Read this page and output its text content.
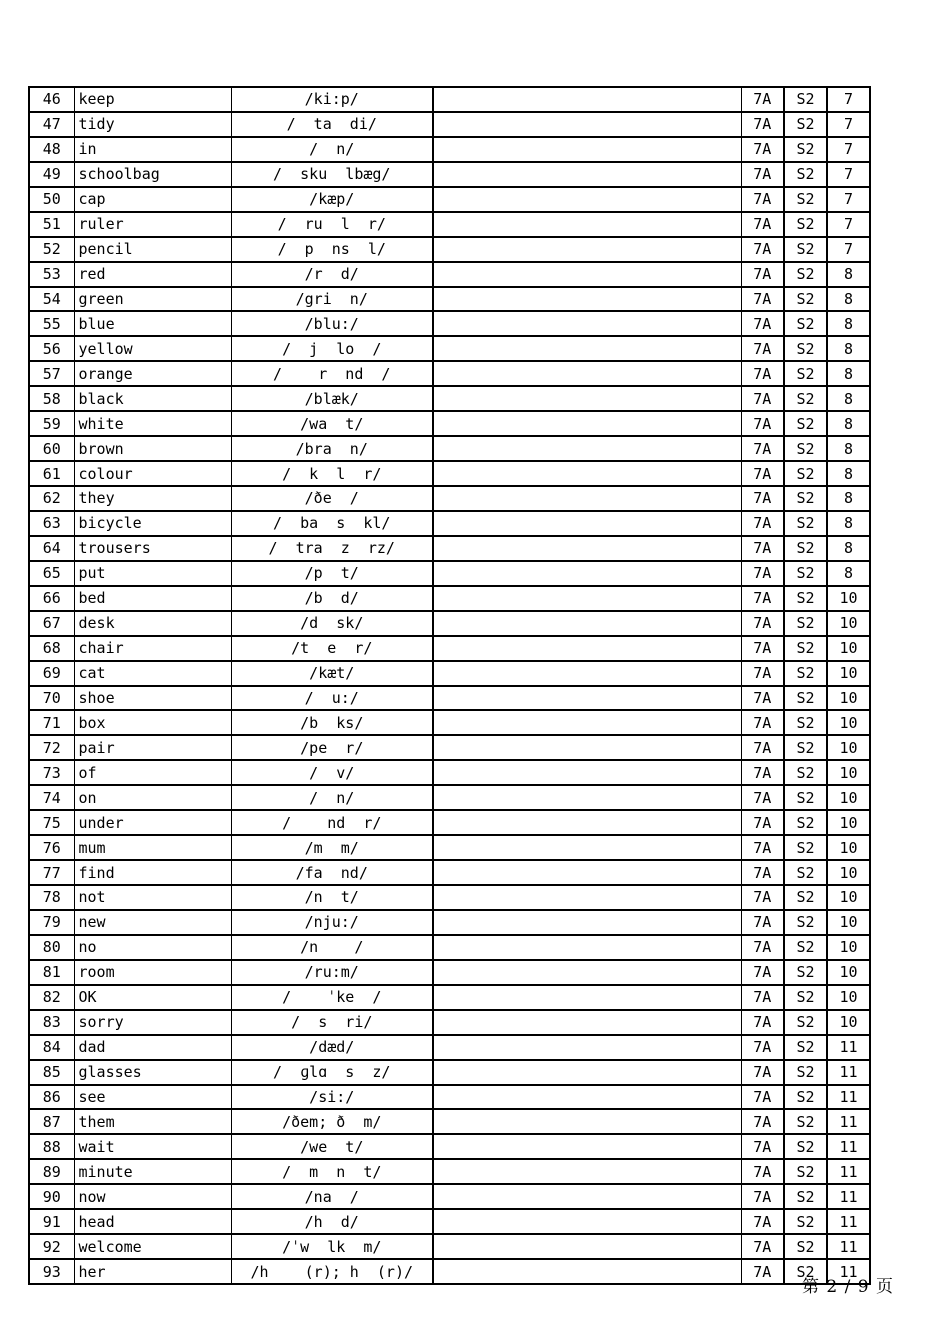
46	keep	/ki:p/		7A	S2	7
47	tidy	/  ta  di/		7A	S2	7
48	in	/  n/		7A	S2	7
49	schoolbag	/  sku  lbæg/		7A	S2	7
50	cap	/kæp/		7A	S2	7
51	ruler	/  ru  l  r/		7A	S2	7
52	pencil	/  p  ns  l/		7A	S2	7
53	red	/r  d/		7A	S2	8
54	green	/gri  n/		7A	S2	8
55	blue	/blu:/		7A	S2	8
56	yellow	/  j  lo  /		7A	S2	8
57	orange	/    r  nd  /		7A	S2	8
58	black	/blæk/		7A	S2	8
59	white	/wa  t/		7A	S2	8
60	brown	/bra  n/		7A	S2	8
61	colour	/  k  l  r/		7A	S2	8
62	they	/ðe  /		7A	S2	8
63	bicycle	/  ba  s  kl/		7A	S2	8
64	trousers	/  tra  z  rz/		7A	S2	8
65	put	/p  t/		7A	S2	8
66	bed	/b  d/		7A	S2	10
67	desk	/d  sk/		7A	S2	10
68	chair	/t  e  r/		7A	S2	10
69	cat	/kæt/		7A	S2	10
70	shoe	/  u:/		7A	S2	10
71	box	/b  ks/		7A	S2	10
72	pair	/pe  r/		7A	S2	10
73	of	/  v/		7A	S2	10
74	on	/  n/		7A	S2	10
75	under	/    nd  r/		7A	S2	10
76	mum	/m  m/		7A	S2	10
77	find	/fa  nd/		7A	S2	10
78	not	/n  t/		7A	S2	10
79	new	/nju:/		7A	S2	10
80	no	/n    /		7A	S2	10
81	room	/ru:m/		7A	S2	10
82	OK	/    ˈke  /		7A	S2	10
83	sorry	/  s  ri/		7A	S2	10
84	dad	/dæd/		7A	S2	11
85	glasses	/  ɡlɑ  s  z/		7A	S2	11
86	see	/si:/		7A	S2	11
87	them	/ðem; ð  m/		7A	S2	11
88	wait	/we  t/		7A	S2	11
89	minute	/  m  n  t/		7A	S2	11
90	now	/na  /		7A	S2	11
91	head	/h  d/		7A	S2	11
92	welcome	/ˈw  lk  m/		7A	S2	11
93	her	/h    (r); h  (r)/		7A	S2	11
第 2 / 9 页
